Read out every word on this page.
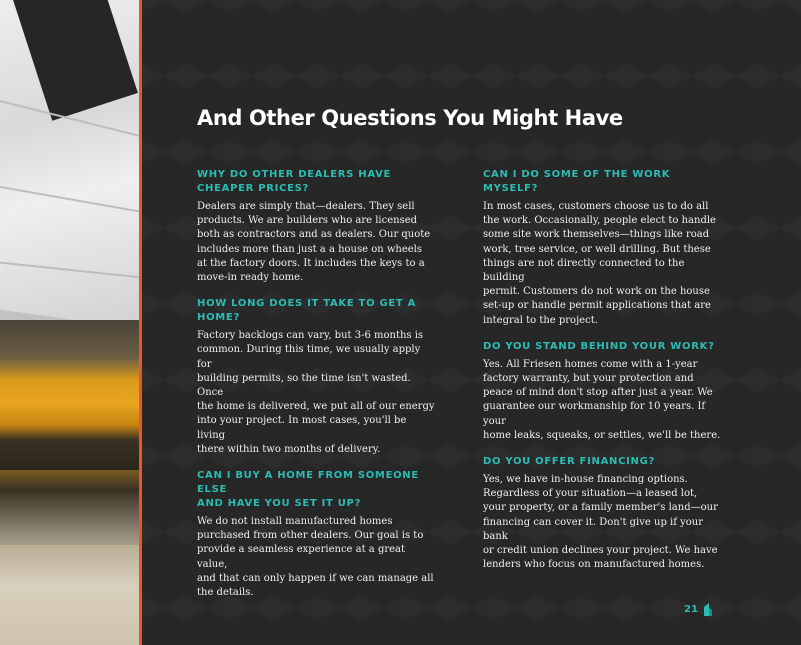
And Other Questions You Might Have
WHY DO OTHER DEALERS HAVE
CHEAPER PRICES?
Dealers are simply that—dealers. They sell
products. We are builders who are licensed
both as contractors and as dealers. Our quote
includes more than just a a house on wheels
at the factory doors. It includes the keys to a
move-in ready home.
HOW LONG DOES IT TAKE TO GET A HOME?
Factory backlogs can vary, but 3-6 months is
common. During this time, we usually apply for
building permits, so the time isn't wasted. Once
the home is delivered, we put all of our energy
into your project. In most cases, you'll be living
there within two months of delivery.
CAN I BUY A HOME FROM SOMEONE ELSE
AND HAVE YOU SET IT UP?
We do not install manufactured homes
purchased from other dealers. Our goal is to
provide a seamless experience at a great value,
and that can only happen if we can manage all
the details.
CAN I DO SOME OF THE WORK MYSELF?
In most cases, customers choose us to do all
the work. Occasionally, people elect to handle
some site work themselves—things like road
work, tree service, or well drilling. But these
things are not directly connected to the building
permit. Customers do not work on the house
set-up or handle permit applications that are
integral to the project.
DO YOU STAND BEHIND YOUR WORK?
Yes. All Friesen homes come with a 1-year
factory warranty, but your protection and
peace of mind don't stop after just a year. We
guarantee our workmanship for 10 years. If your
home leaks, squeaks, or settles, we'll be there.
DO YOU OFFER FINANCING?
Yes, we have in-house financing options.
Regardless of your situation—a leased lot,
your property, or a family member's land—our
financing can cover it. Don't give up if your bank
or credit union declines your project. We have
lenders who focus on manufactured homes.
21
